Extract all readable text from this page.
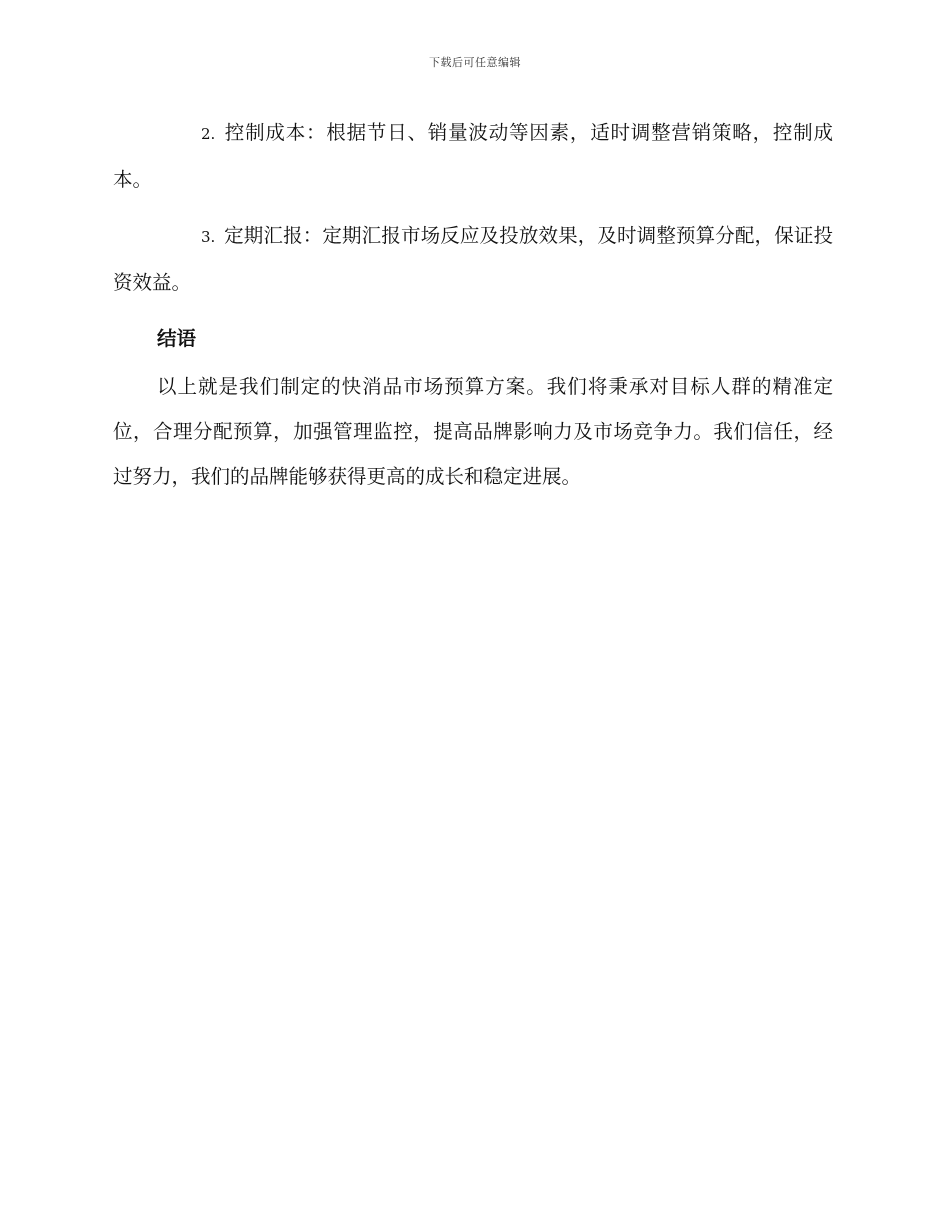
下载后可任意编辑

2. 控制成本：根据节日、销量波动等因素，适时调整营销策略，控制成本。

3. 定期汇报：定期汇报市场反应及投放效果，及时调整预算分配，保证投资效益。

结语

以上就是我们制定的快消品市场预算方案。我们将秉承对目标人群的精准定位，合理分配预算，加强管理监控，提高品牌影响力及市场竞争力。我们信任，经过努力，我们的品牌能够获得更高的成长和稳定进展。
